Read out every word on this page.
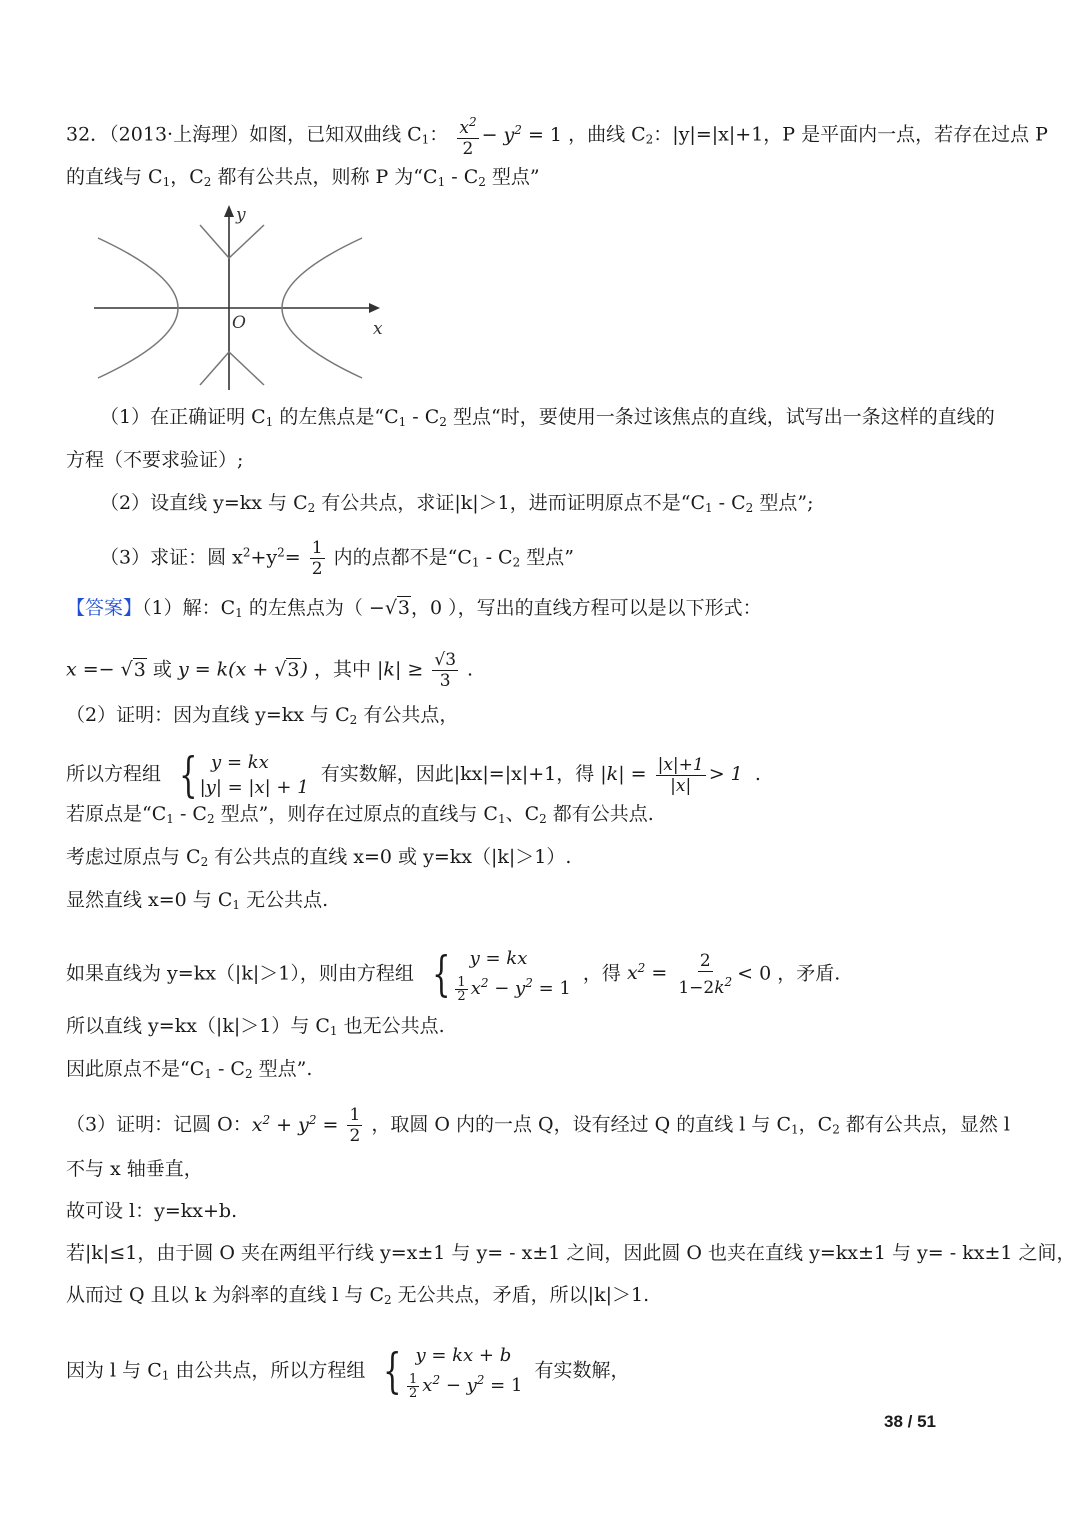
32．（2013·上海理）如图，已知双曲线 $C_1$： $\frac{x^2}{2} - y^2 = 1$ ，曲线 $C_2$：|y|=|x|+1，P 是平面内一点，若存在过点 P
的直线与 $C_1$，$C_2$ 都有公共点，则称 P 为“$C_1 - C_2$ 型点”
y
x
O
（1）在正确证明 $C_1$ 的左焦点是“$C_1 - C_2$ 型点“时，要使用一条过该焦点的直线，试写出一条这样的直线的
方程（不要求验证）;
（2）设直线 y=kx 与 $C_2$ 有公共点，求证|k|＞1，进而证明原点不是“$C_1 - C_2$ 型点”;
（3）求证：圆 $x^2+y^2= \frac{1}{2}$ 内的点都不是“$C_1 - C_2$ 型点”
【答案】（1）解：$C_1$ 的左焦点为（ −√3，0 ），写出的直线方程可以是以下形式：
x =− √3 或 y = k(x + √3) ，其中 $|k| \ge \frac{√3}{3}$ .
（2）证明：因为直线 y=kx 与 $C_2$ 有公共点，
所以方程组 { y = kx
|y| = |x| + 1
有实数解，因此|kx|=|x|+1，得 $|k| = \frac{|x|+1}{|x|} > 1$  .
若原点是“$C_1 - C_2$ 型点”，则存在过原点的直线与 $C_1$、$C_2$ 都有公共点.
考虑过原点与 $C_2$ 有公共点的直线 x=0 或 y=kx（|k|＞1）.
显然直线 x=0 与 $C_1$ 无公共点.
如果直线为 y=kx（|k|＞1），则由方程组 { y = kx
$\frac{1}{2} x^2 - y^2 = 1$
，得 $x^2 = \frac{2}{1-2k^2} < 0$ ，矛盾.
所以直线 y=kx（|k|＞1）与 $C_1$ 也无公共点.
因此原点不是“$C_1 - C_2$ 型点”.
（3）证明：记圆 O：$x^2 + y^2 = \frac{1}{2}$ ，取圆 O 内的一点 Q，设有经过 Q 的直线 l 与 $C_1$，$C_2$ 都有公共点，显然 l
不与 x 轴垂直，
故可设 l：y=kx+b.
若|k|≤1，由于圆 O 夹在两组平行线 y=x±1 与 y= - x±1 之间，因此圆 O 也夹在直线 y=kx±1 与 y= - kx±1 之间，
从而过 Q 且以 k 为斜率的直线 l 与 $C_2$ 无公共点，矛盾，所以|k|＞1.
因为 l 与 $C_1$ 由公共点，所以方程组 { y = kx + b
$\frac{1}{2} x^2 - y^2 = 1$
有实数解，
38 / 51
